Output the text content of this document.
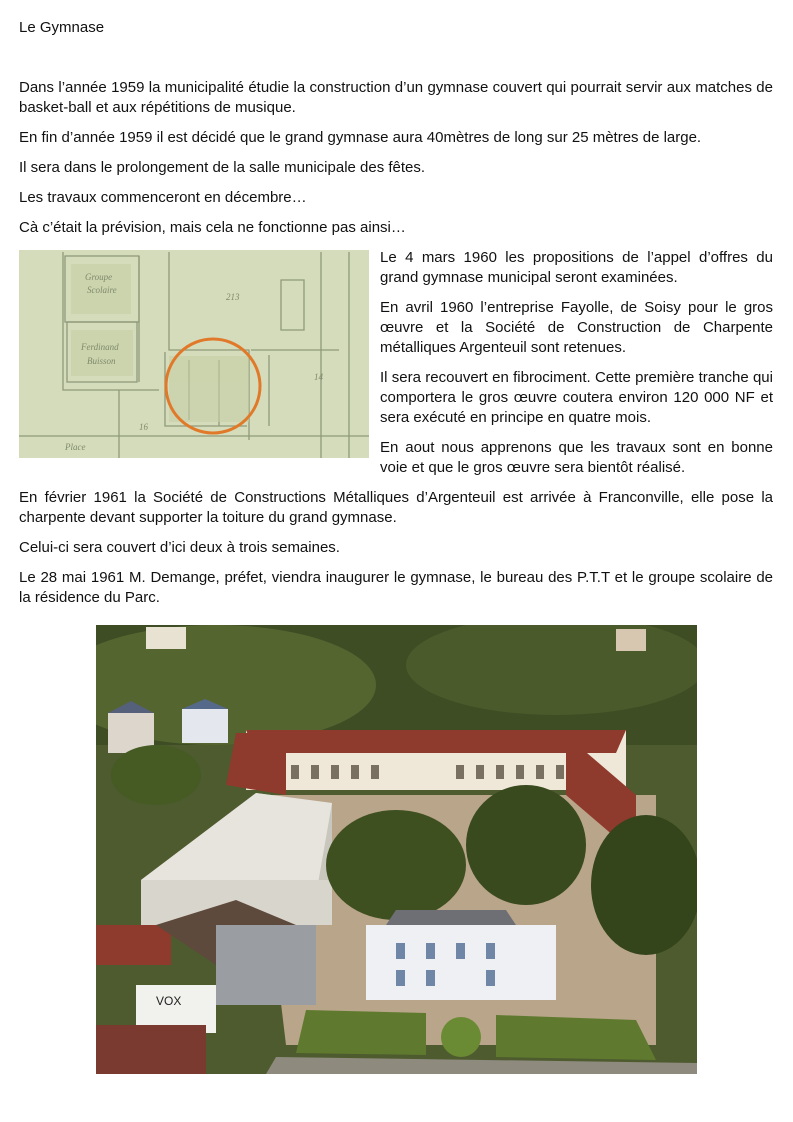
Le Gymnase

Dans l’année 1959 la municipalité étudie la construction d’un gymnase couvert qui pourrait servir aux matches de basket-ball et aux répétitions de musique.

En fin d’année 1959 il est décidé que le grand gymnase aura 40mètres de long sur 25 mètres de large.

Il sera dans le prolongement de la salle municipale des fêtes.

Les travaux commenceront en décembre…

Cà c’était la prévision, mais cela ne fonctionne pas ainsi…

Groupe
Scolaire
Ferdinand
Buisson
Place
213
14
16

Le 4 mars 1960 les propositions de l’appel d’offres du grand gymnase municipal seront examinées.

En avril 1960 l’entreprise Fayolle, de Soisy pour le gros œuvre et la Société de Construction de Charpente métalliques Argenteuil sont retenues.

Il sera recouvert en fibrociment. Cette première tranche qui comportera le gros œuvre coutera environ 120 000 NF et sera exécuté en principe en quatre mois.

En aout nous apprenons que les travaux sont en bonne voie et que le gros œuvre sera bientôt réalisé.

En février 1961 la Société de Constructions Métalliques d’Argenteuil est arrivée à Franconville, elle pose la charpente devant supporter la toiture du grand gymnase.

Celui-ci sera couvert d’ici deux à trois semaines.

Le 28 mai 1961 M. Demange, préfet, viendra inaugurer le gymnase, le bureau des P.T.T et le groupe scolaire de la résidence du Parc.

VOX
